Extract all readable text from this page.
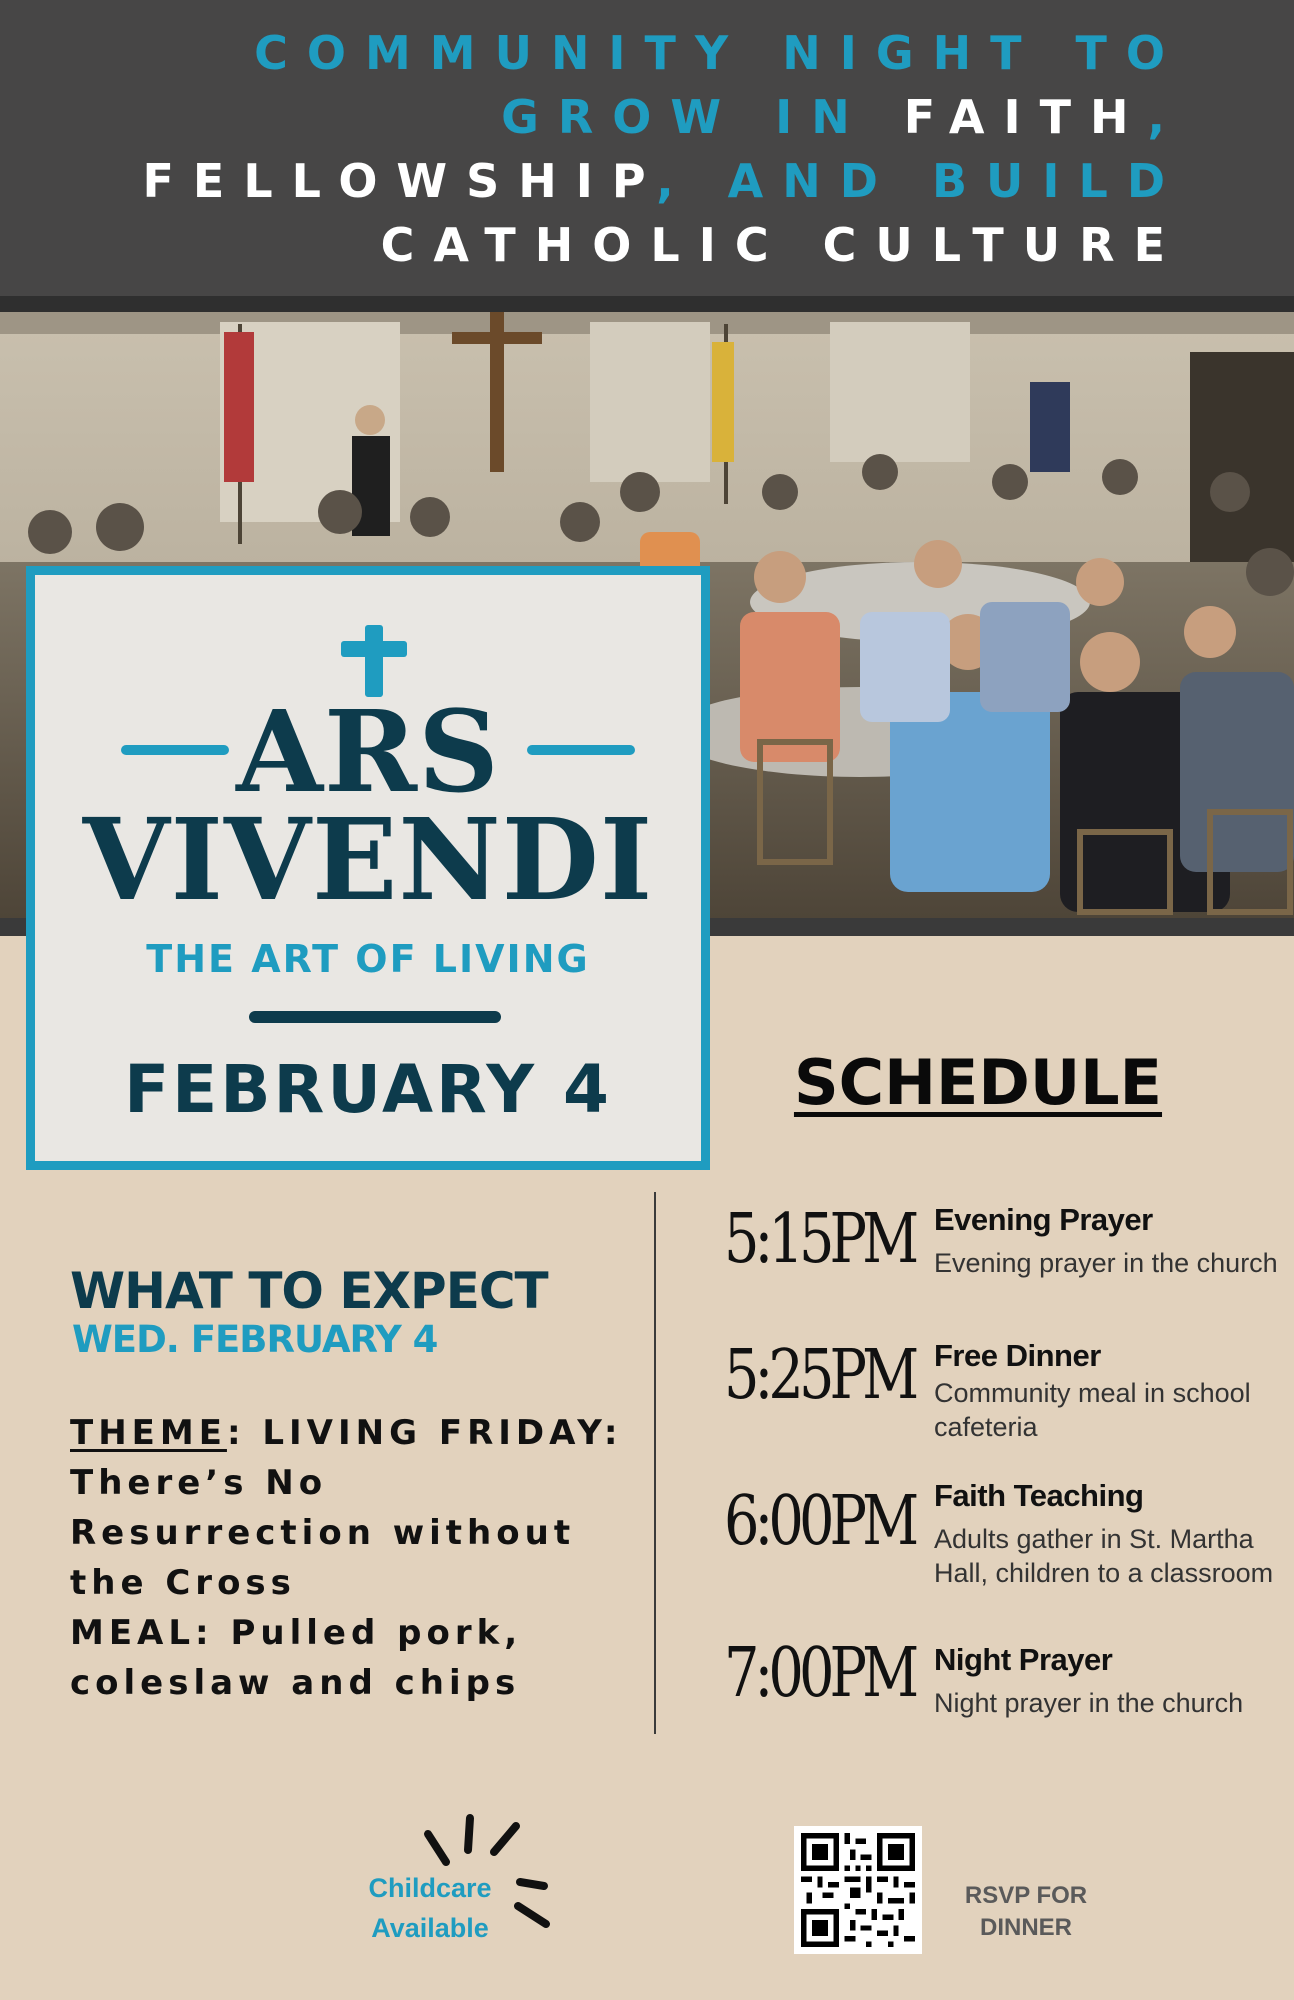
COMMUNITY NIGHT TO
GROW IN FAITH,
FELLOWSHIP, AND BUILD
CATHOLIC CULTURE
ARS
VIVENDI
THE ART OF LIVING
FEBRUARY 4	SCHEDULE
5:15PM Evening Prayer
Evening prayer in the church
5:25PM Free Dinner
Community meal in school cafeteria
6:00PM Faith Teaching
Adults gather in St. Martha Hall, children to a classroom
7:00PM Night Prayer
Night prayer in the church
WHAT TO EXPECT
WED. FEBRUARY 4
THEME: LIVING FRIDAY: There’s No Resurrection without the Cross
MEAL: Pulled pork, coleslaw and chips
Childcare
Available
RSVP FOR
DINNER
